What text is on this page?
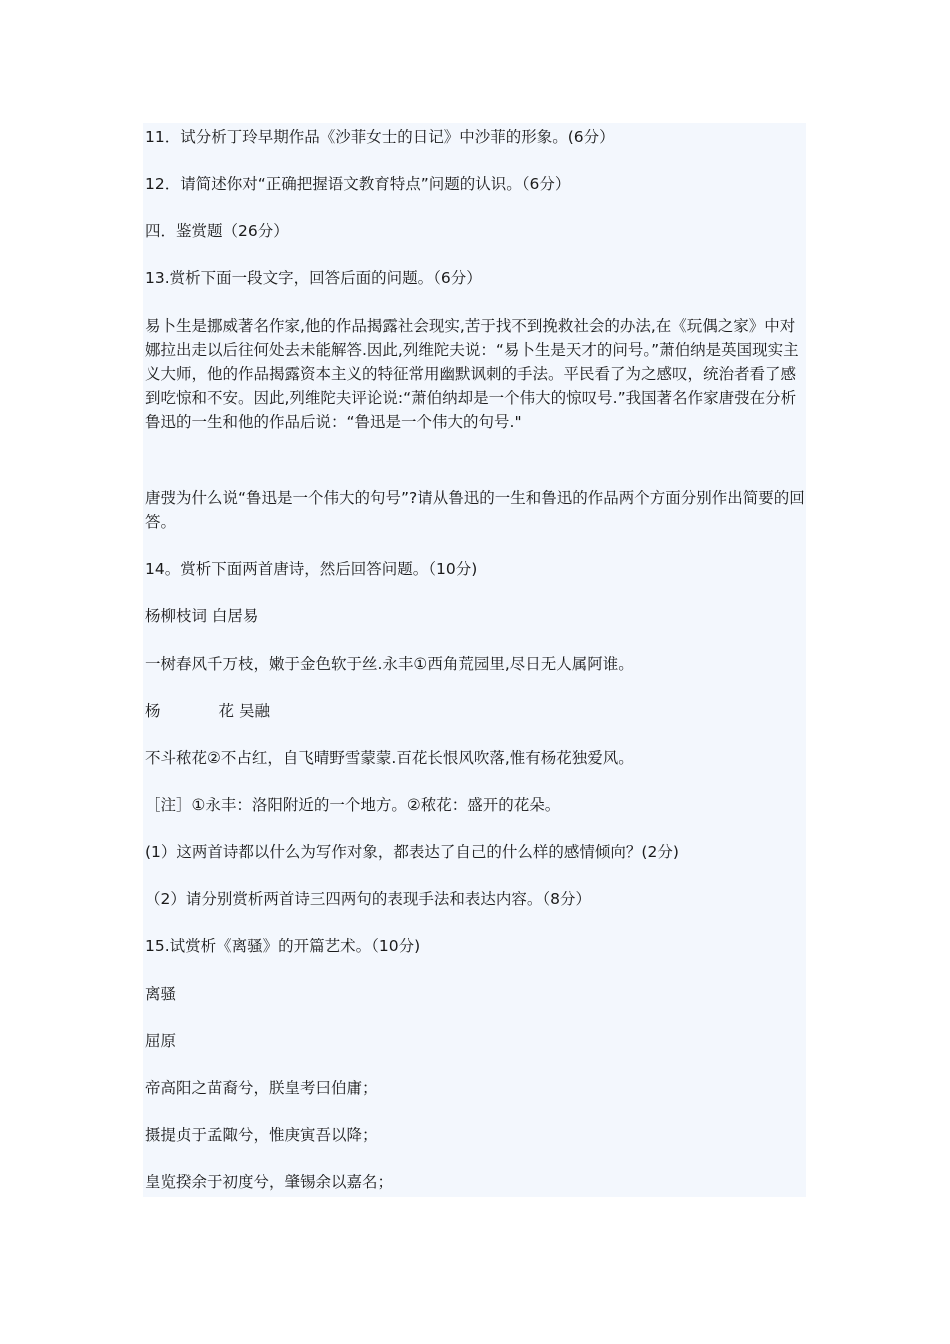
11．试分析丁玲早期作品《沙菲女士的日记》中沙菲的形象。(6分）

12．请简述你对“正确把握语文教育特点”问题的认识。（6分）

四．鉴赏题（26分）

13.赏析下面一段文字，回答后面的问题。（6分）

易卜生是挪威著名作家,他的作品揭露社会现实,苦于找不到挽救社会的办法,在《玩偶之家》中对娜拉出走以后往何处去未能解答.因此,列维陀夫说：“易卜生是天才的问号。”萧伯纳是英国现实主义大师，他的作品揭露资本主义的特征常用幽默讽刺的手法。平民看了为之感叹，统治者看了感到吃惊和不安。因此,列维陀夫评论说:“萧伯纳却是一个伟大的惊叹号.”我国著名作家唐弢在分析鲁迅的一生和他的作品后说：“鲁迅是一个伟大的句号."

唐弢为什么说“鲁迅是一个伟大的句号”?请从鲁迅的一生和鲁迅的作品两个方面分别作出简要的回答。

14。赏析下面两首唐诗，然后回答问题。（10分)

杨柳枝词 白居易

一树春风千万枝，嫩于金色软于丝.永丰①西角荒园里,尽日无人属阿谁。

杨	花 吴融

不斗秾花②不占红，自飞晴野雪蒙蒙.百花长恨风吹落,惟有杨花独爱风。

［注］①永丰：洛阳附近的一个地方。②秾花：盛开的花朵。

(1）这两首诗都以什么为写作对象，都表达了自己的什么样的感情倾向？(2分)

（2）请分别赏析两首诗三四两句的表现手法和表达内容。（8分）

15.试赏析《离骚》的开篇艺术。（10分)

离骚

屈原

帝高阳之苗裔兮，朕皇考曰伯庸；

摄提贞于孟陬兮，惟庚寅吾以降；

皇览揆余于初度兮，肇锡余以嘉名；
